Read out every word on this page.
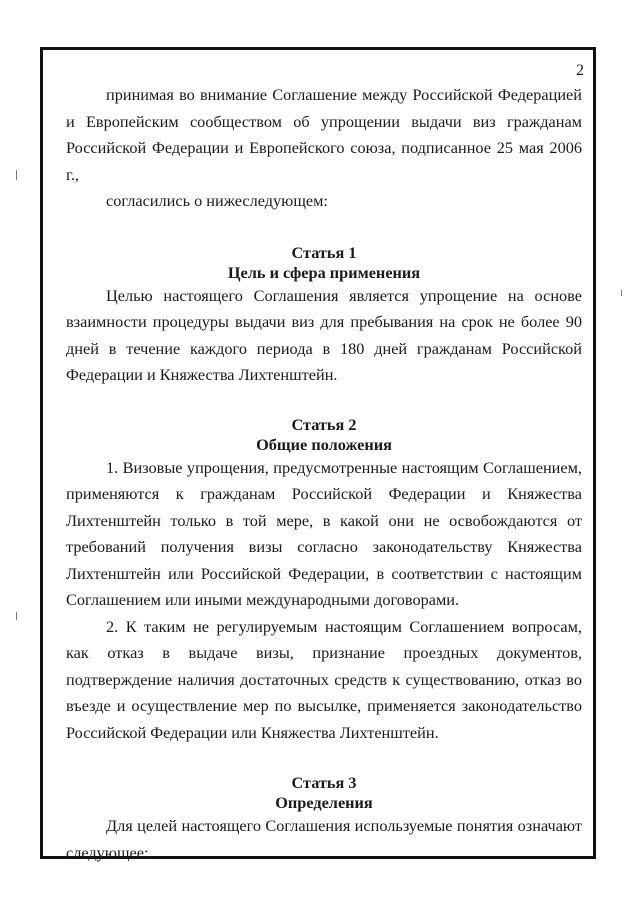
2

принимая во внимание Соглашение между Российской Федерацией и Европейским сообществом об упрощении выдачи виз гражданам Российской Федерации и Европейского союза, подписанное 25 мая 2006 г.,

согласились о нижеследующем:

Статья 1
Цель и сфера применения

Целью настоящего Соглашения является упрощение на основе взаимности процедуры выдачи виз для пребывания на срок не более 90 дней в течение каждого периода в 180 дней гражданам Российской Федерации и Княжества Лихтенштейн.

Статья 2
Общие положения

1. Визовые упрощения, предусмотренные настоящим Соглашением, применяются к гражданам Российской Федерации и Княжества Лихтенштейн только в той мере, в какой они не освобождаются от требований получения визы согласно законодательству Княжества Лихтенштейн или Российской Федерации, в соответствии с настоящим Соглашением или иными международными договорами.

2. К таким не регулируемым настоящим Соглашением вопросам, как отказ в выдаче визы, признание проездных документов, подтверждение наличия достаточных средств к существованию, отказ во въезде и осуществление мер по высылке, применяется законодательство Российской Федерации или Княжества Лихтенштейн.

Статья 3
Определения

Для целей настоящего Соглашения используемые понятия означают следующее:
